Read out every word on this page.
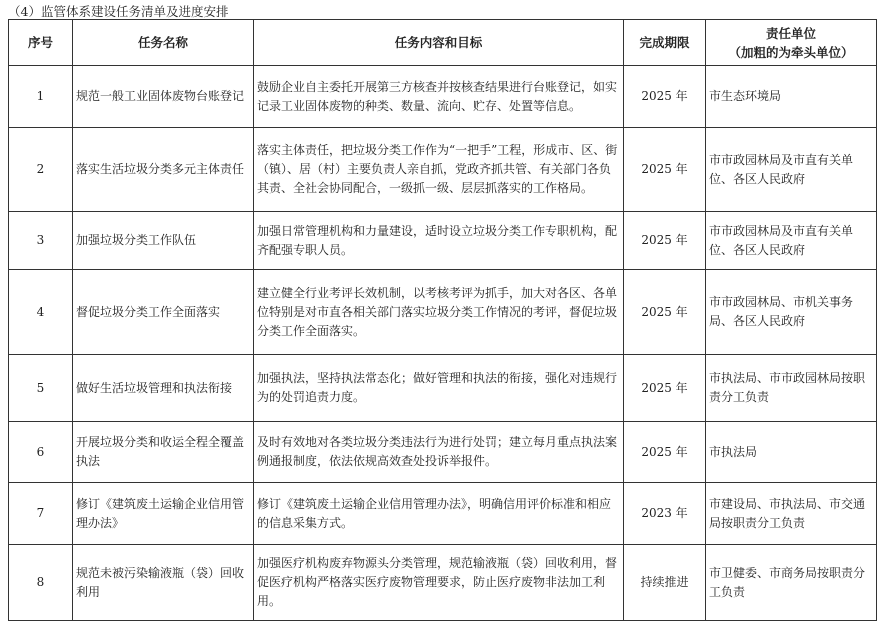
（4）监管体系建设任务清单及进度安排
序号	任务名称	任务内容和目标	完成期限	责任单位
（加粗的为牵头单位）

1	规范一般工业固体废物台账登记	鼓励企业自主委托开展第三方核查并按核查结果进行台账登记，如实记录工业固体废物的种类、数量、流向、贮存、处置等信息。	2025 年	市生态环境局
2	落实生活垃圾分类多元主体责任	落实主体责任，把垃圾分类工作作为“一把手”工程，形成市、区、街（镇）、居（村）主要负责人亲自抓，党政齐抓共管、有关部门各负其责、全社会协同配合，一级抓一级、层层抓落实的工作格局。	2025 年	市市政园林局及市直有关单位、各区人民政府
3	加强垃圾分类工作队伍	加强日常管理机构和力量建设，适时设立垃圾分类工作专职机构，配齐配强专职人员。	2025 年	市市政园林局及市直有关单位、各区人民政府
4	督促垃圾分类工作全面落实	建立健全行业考评长效机制，以考核考评为抓手，加大对各区、各单位特别是对市直各相关部门落实垃圾分类工作情况的考评，督促垃圾分类工作全面落实。	2025 年	市市政园林局、市机关事务局、各区人民政府
5	做好生活垃圾管理和执法衔接	加强执法，坚持执法常态化；做好管理和执法的衔接，强化对违规行为的处罚追责力度。	2025 年	市执法局、市市政园林局按职责分工负责
6	开展垃圾分类和收运全程全覆盖执法	及时有效地对各类垃圾分类违法行为进行处罚；建立每月重点执法案例通报制度，依法依规高效查处投诉举报件。	2025 年	市执法局
7	修订《建筑废土运输企业信用管理办法》	修订《建筑废土运输企业信用管理办法》，明确信用评价标准和相应的信息采集方式。	2023 年	市建设局、市执法局、市交通局按职责分工负责
8	规范未被污染输液瓶（袋）回收利用	加强医疗机构废弃物源头分类管理，规范输液瓶（袋）回收利用，督促医疗机构严格落实医疗废物管理要求，防止医疗废物非法加工利用。	持续推进	市卫健委、市商务局按职责分工负责
